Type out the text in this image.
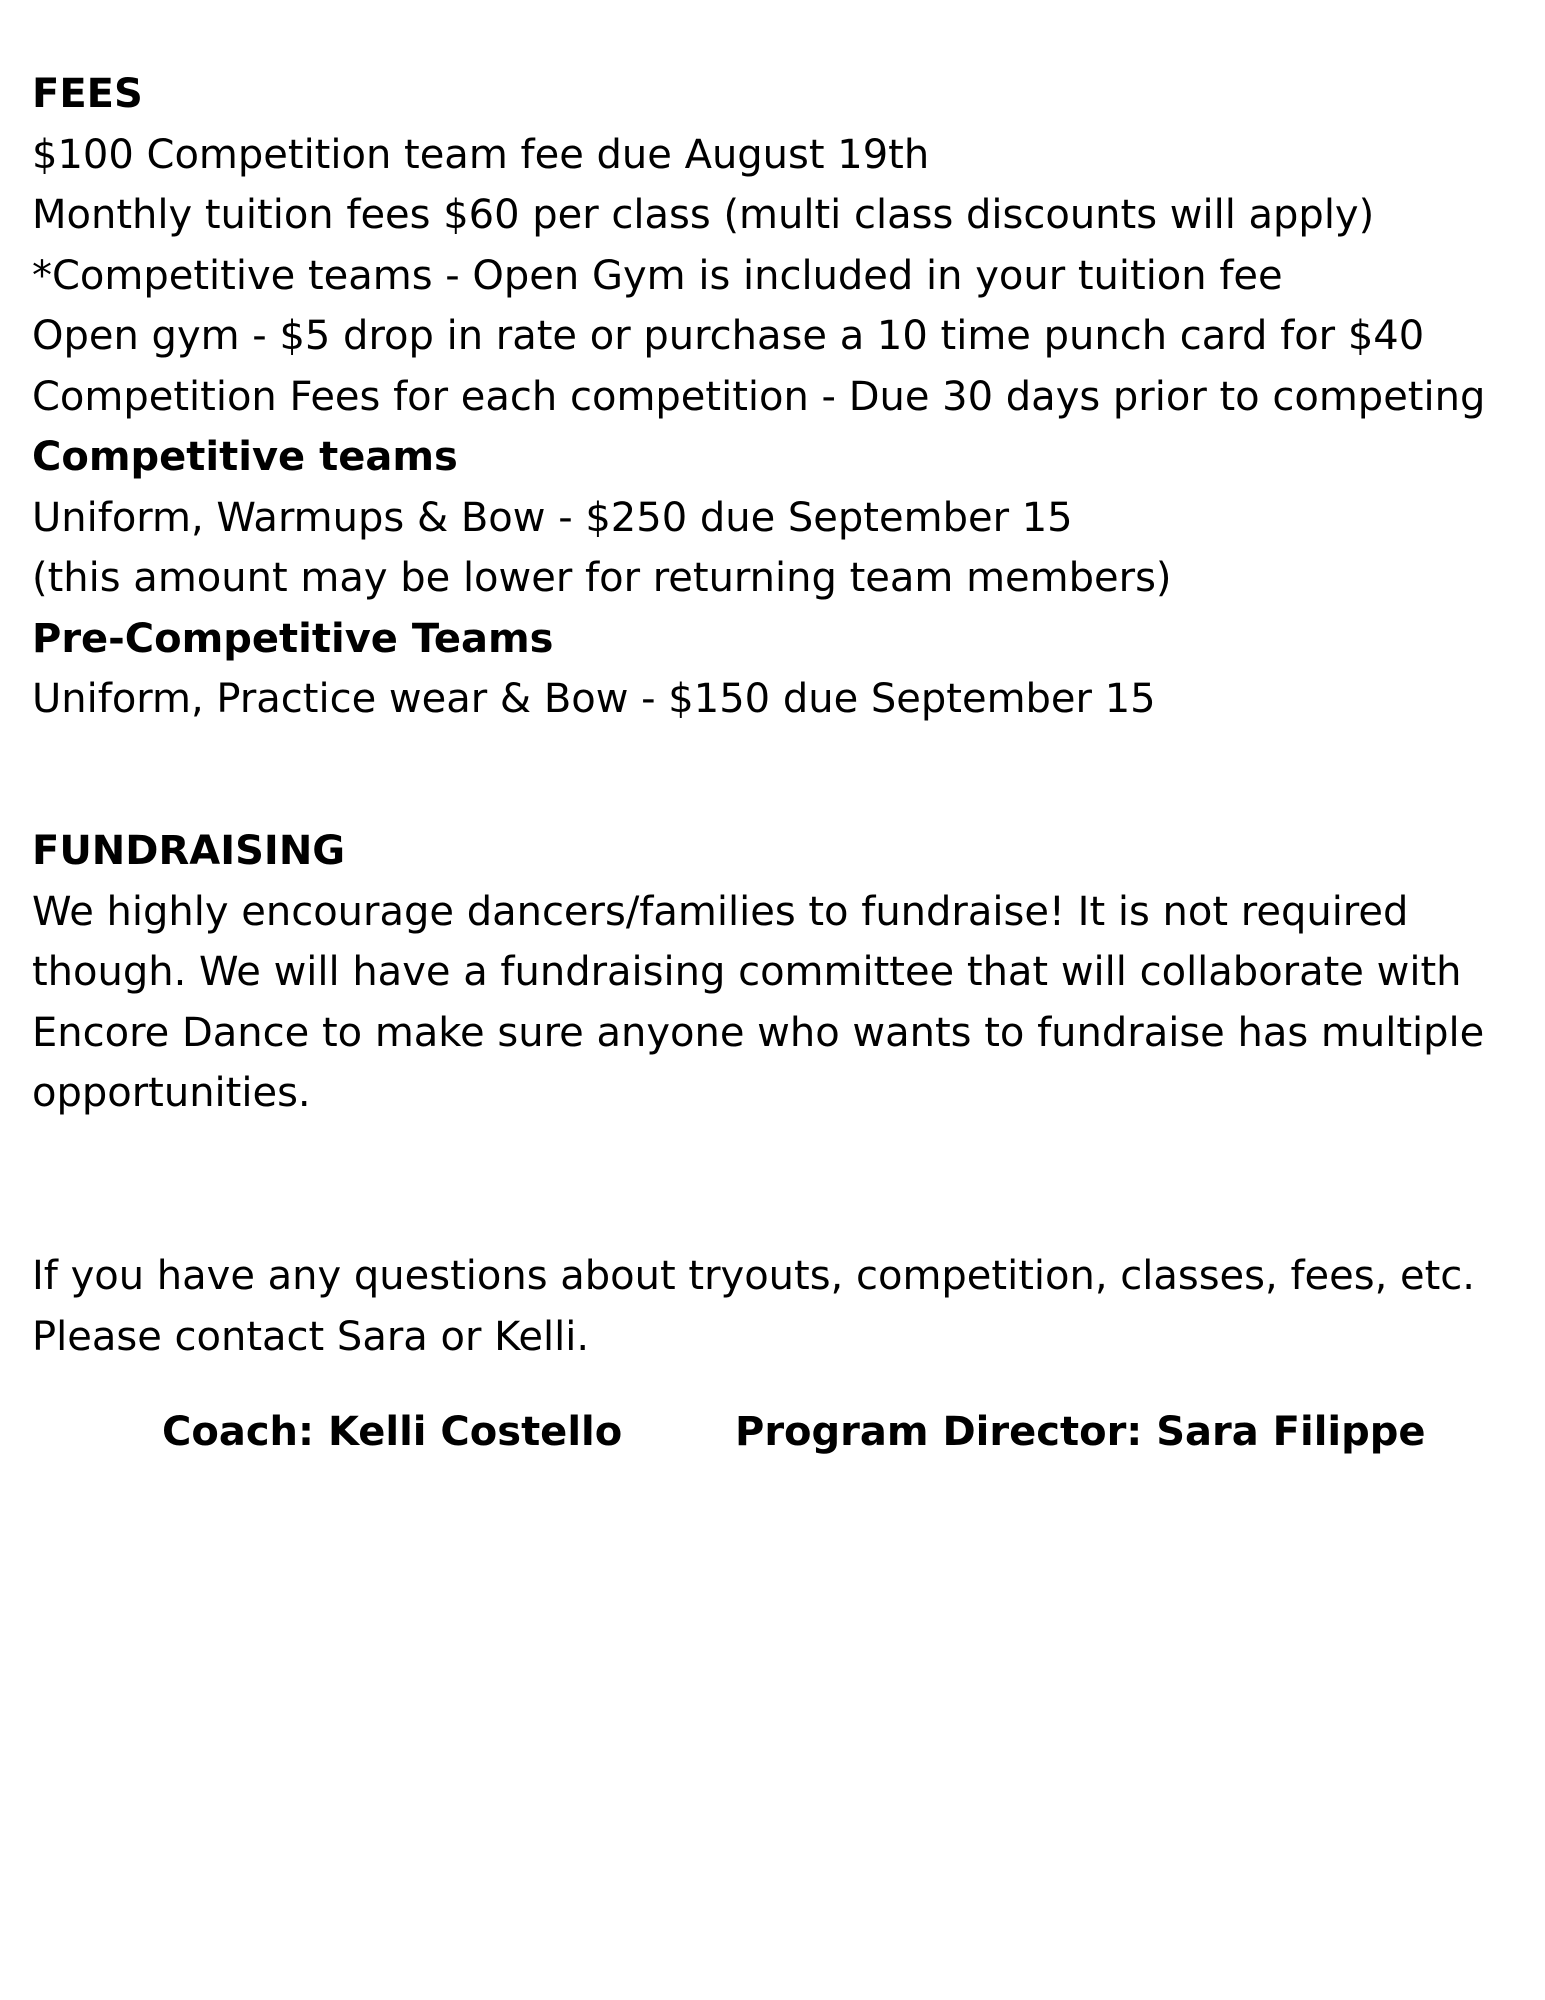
FEES
$100 Competition team fee due August 19th
Monthly tuition fees $60 per class (multi class discounts will apply)
*Competitive teams - Open Gym is included in your tuition fee
Open gym - $5 drop in rate or purchase a 10 time punch card for $40
Competition Fees for each competition - Due 30 days prior to competing
Competitive teams
Uniform, Warmups & Bow - $250 due September 15
(this amount may be lower for returning team members)
Pre-Competitive Teams
Uniform, Practice wear & Bow - $150 due September 15
FUNDRAISING
We highly encourage dancers/families to fundraise! It is not required
though. We will have a fundraising committee that will collaborate with
Encore Dance to make sure anyone who wants to fundraise has multiple
opportunities.
If you have any questions about tryouts, competition, classes, fees, etc.
Please contact Sara or Kelli.
Coach: Kelli Costello	Program Director: Sara Filippe
